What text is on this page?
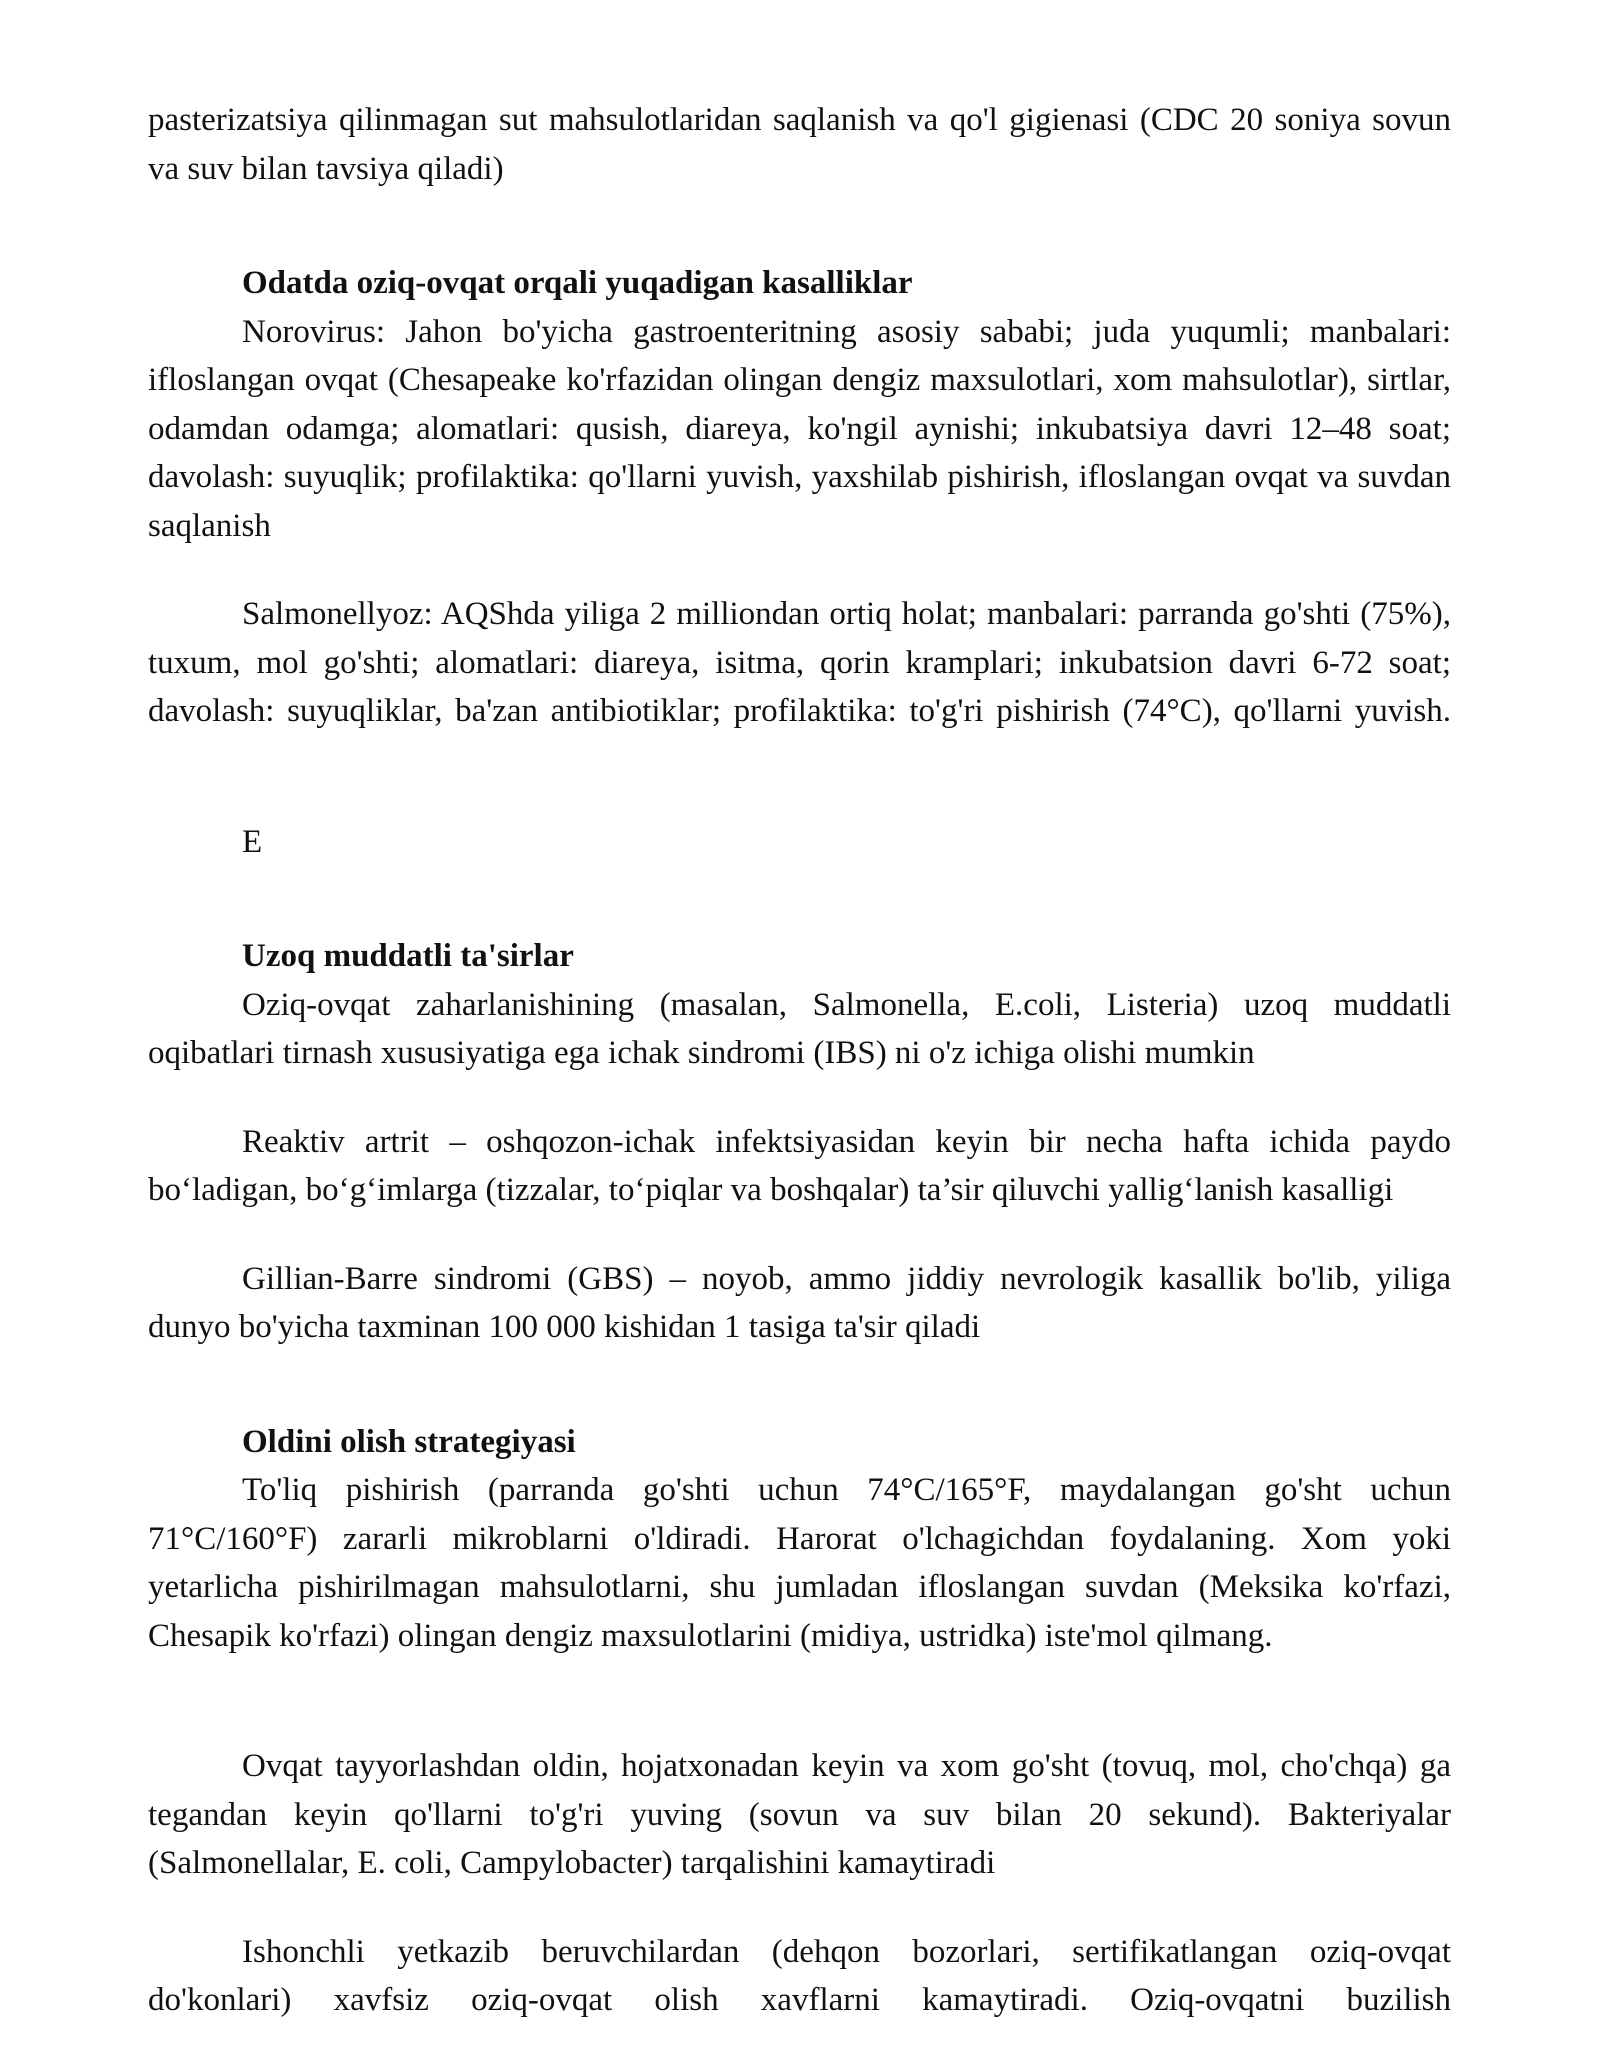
pasterizatsiya qilinmagan sut mahsulotlaridan saqlanish va qo'l gigienasi (CDC 20 soniya sovun va suv bilan tavsiya qiladi)

Odatda oziq-ovqat orqali yuqadigan kasalliklar

Norovirus: Jahon bo'yicha gastroenteritning asosiy sababi; juda yuqumli; manbalari: ifloslangan ovqat (Chesapeake ko'rfazidan olingan dengiz maxsulotlari, xom mahsulotlar), sirtlar, odamdan odamga; alomatlari: qusish, diareya, ko'ngil aynishi; inkubatsiya davri 12–48 soat; davolash: suyuqlik; profilaktika: qo'llarni yuvish, yaxshilab pishirish, ifloslangan ovqat va suvdan saqlanish

Salmonellyoz: AQShda yiliga 2 milliondan ortiq holat; manbalari: parranda go'shti (75%), tuxum, mol go'shti; alomatlari: diareya, isitma, qorin kramplari; inkubatsion davri 6-72 soat; davolash: suyuqliklar, ba'zan antibiotiklar; profilaktika: to'g'ri pishirish (74°C), qo'llarni yuvish.

E

Uzoq muddatli ta'sirlar

Oziq-ovqat zaharlanishining (masalan, Salmonella, E.coli, Listeria) uzoq muddatli oqibatlari tirnash xususiyatiga ega ichak sindromi (IBS) ni o'z ichiga olishi mumkin

Reaktiv artrit – oshqozon-ichak infektsiyasidan keyin bir necha hafta ichida paydo bo‘ladigan, bo‘g‘imlarga (tizzalar, to‘piqlar va boshqalar) ta’sir qiluvchi yallig‘lanish kasalligi

Gillian-Barre sindromi (GBS) – noyob, ammo jiddiy nevrologik kasallik bo'lib, yiliga dunyo bo'yicha taxminan 100 000 kishidan 1 tasiga ta'sir qiladi

Oldini olish strategiyasi

To'liq pishirish (parranda go'shti uchun 74°C/165°F, maydalangan go'sht uchun 71°C/160°F) zararli mikroblarni o'ldiradi. Harorat o'lchagichdan foydalaning. Xom yoki yetarlicha pishirilmagan mahsulotlarni, shu jumladan ifloslangan suvdan (Meksika ko'rfazi, Chesapik ko'rfazi) olingan dengiz maxsulotlarini (midiya, ustridka) iste'mol qilmang.

Ovqat tayyorlashdan oldin, hojatxonadan keyin va xom go'sht (tovuq, mol, cho'chqa) ga tegandan keyin qo'llarni to'g'ri yuving (sovun va suv bilan 20 sekund). Bakteriyalar (Salmonellalar, E. coli, Campylobacter) tarqalishini kamaytiradi

Ishonchli yetkazib beruvchilardan (dehqon bozorlari, sertifikatlangan oziq-ovqat do'konlari) xavfsiz oziq-ovqat olish xavflarni kamaytiradi. Oziq-ovqatni buzilish
